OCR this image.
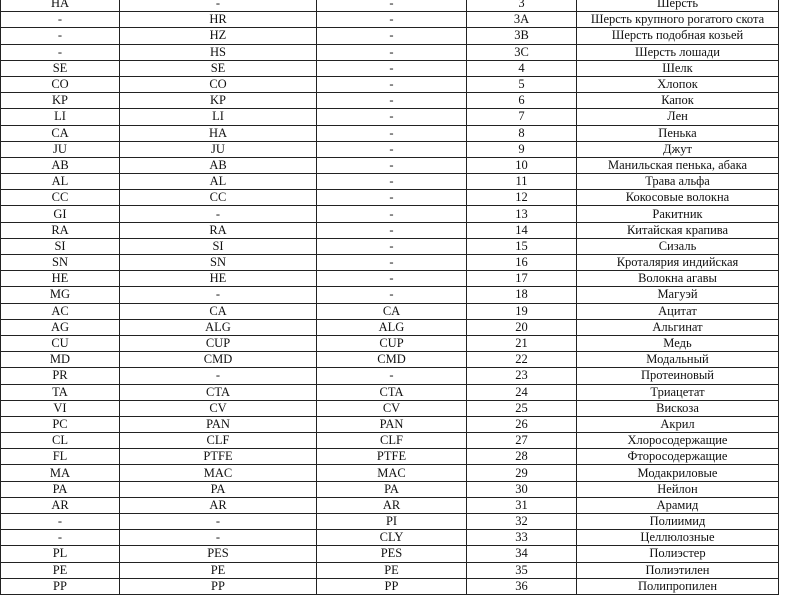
HA	-	-	3	Шерсть
-	HR	-	3A	Шерсть крупного рогатого скота
-	HZ	-	3B	Шерсть подобная козьей
-	HS	-	3C	Шерсть лошади
SE	SE	-	4	Шелк
CO	CO	-	5	Хлопок
KP	KP	-	6	Капок
LI	LI	-	7	Лен
CA	HA	-	8	Пенька
JU	JU	-	9	Джут
AB	AB	-	10	Манильская пенька, абака
AL	AL	-	11	Трава альфа
CC	CC	-	12	Кокосовые волокна
GI	-	-	13	Ракитник
RA	RA	-	14	Китайская крапива
SI	SI	-	15	Сизаль
SN	SN	-	16	Кроталярия индийская
HE	HE	-	17	Волокна агавы
MG	-	-	18	Магуэй
AC	CA	CA	19	Ацитат
AG	ALG	ALG	20	Альгинат
CU	CUP	CUP	21	Медь
MD	CMD	CMD	22	Модальный
PR	-	-	23	Протеиновый
TA	CTA	CTA	24	Триацетат
VI	CV	CV	25	Вискоза
PC	PAN	PAN	26	Акрил
CL	CLF	CLF	27	Хлоросодержащие
FL	PTFE	PTFE	28	Фторосодержащие
MA	MAC	MAC	29	Модакриловые
PA	PA	PA	30	Нейлон
AR	AR	AR	31	Арамид
-	-	PI	32	Полиимид
-	-	CLY	33	Целлюлозные
PL	PES	PES	34	Полиэстер
PE	PE	PE	35	Полиэтилен
PP	PP	PP	36	Полипропилен
